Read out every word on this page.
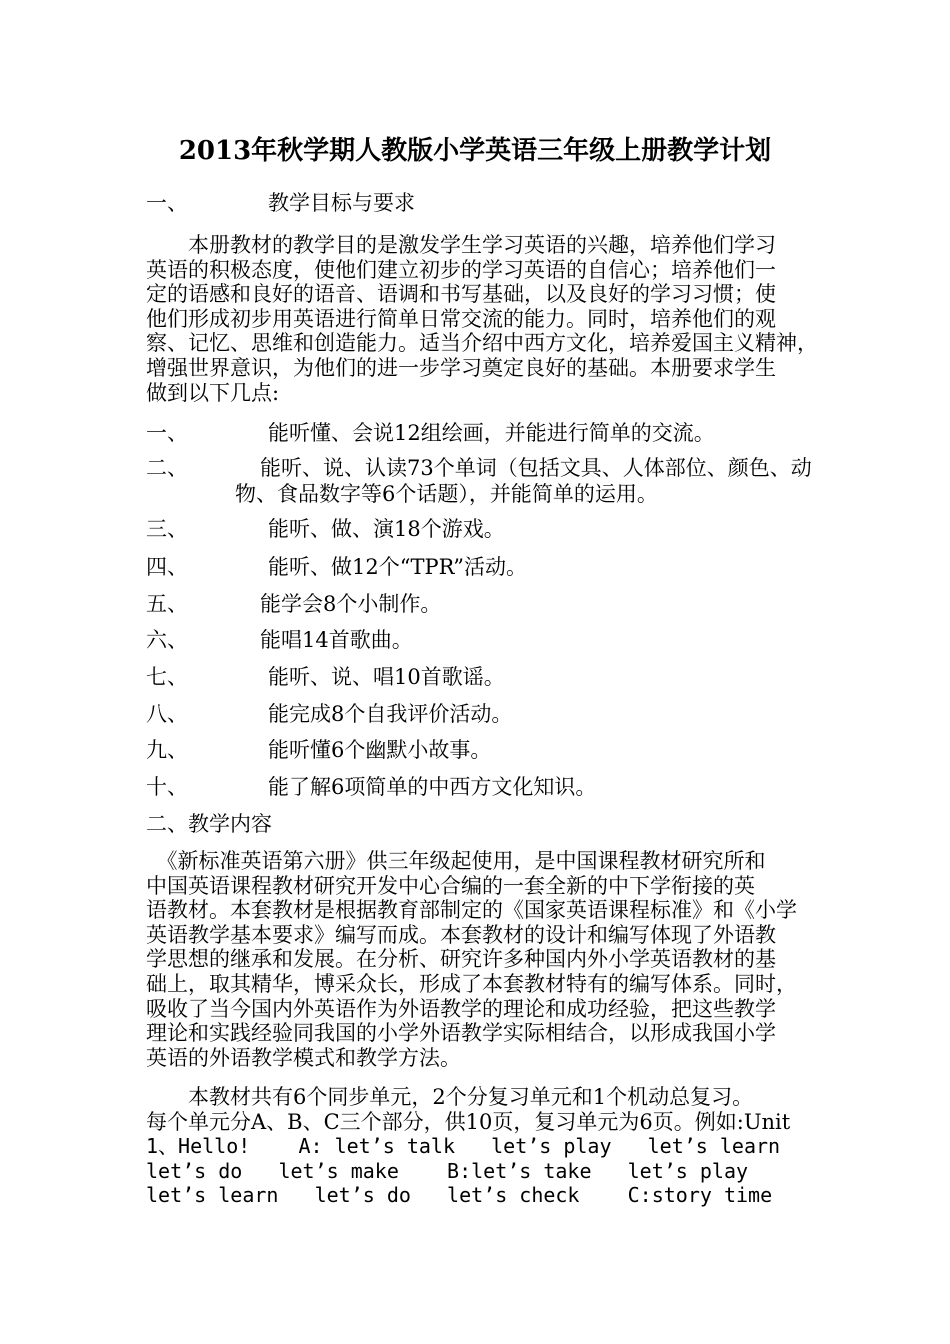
2013年秋学期人教版小学英语三年级上册教学计划
一、	教学目标与要求
　　本册教材的教学目的是激发学生学习英语的兴趣，培养他们学习
英语的积极态度，使他们建立初步的学习英语的自信心；培养他们一
定的语感和良好的语音、语调和书写基础，以及良好的学习习惯；使
他们形成初步用英语进行简单日常交流的能力。同时，培养他们的观
察、记忆、思维和创造能力。适当介绍中西方文化，培养爱国主义精神，
增强世界意识，为他们的进一步学习奠定良好的基础。本册要求学生
做到以下几点:
一、	能听懂、会说12组绘画，并能进行简单的交流。
二、	能听、说、认读73个单词（包括文具、人体部位、颜色、动
物、食品数字等6个话题），并能简单的运用。
三、	能听、做、演18个游戏。
四、	能听、做12个“TPR”活动。
五、	能学会8个小制作。
六、	能唱14首歌曲。
七、	能听、说、唱10首歌谣。
八、	能完成8个自我评价活动。
九、	能听懂6个幽默小故事。
十、	能了解6项简单的中西方文化知识。
二、教学内容
　《新标准英语第六册》供三年级起使用，是中国课程教材研究所和
中国英语课程教材研究开发中心合编的一套全新的中下学衔接的英
语教材。本套教材是根据教育部制定的《国家英语课程标准》和《小学
英语教学基本要求》编写而成。本套教材的设计和编写体现了外语教
学思想的继承和发展。在分析、研究许多种国内外小学英语教材的基
础上，取其精华，博采众长，形成了本套教材特有的编写体系。同时，
吸收了当今国内外英语作为外语教学的理论和成功经验，把这些教学
理论和实践经验同我国的小学外语教学实际相结合，以形成我国小学
英语的外语教学模式和教学方法。
　　本教材共有6个同步单元，2个分复习单元和1个机动总复习。
每个单元分A、B、C三个部分，供10页，复习单元为6页。例如:Unit
1、Hello!    A: let’s talk   let’s play   let’s learn
let’s do   let’s make    B:let’s take   let’s play
let’s learn   let’s do   let’s check    C:story time
